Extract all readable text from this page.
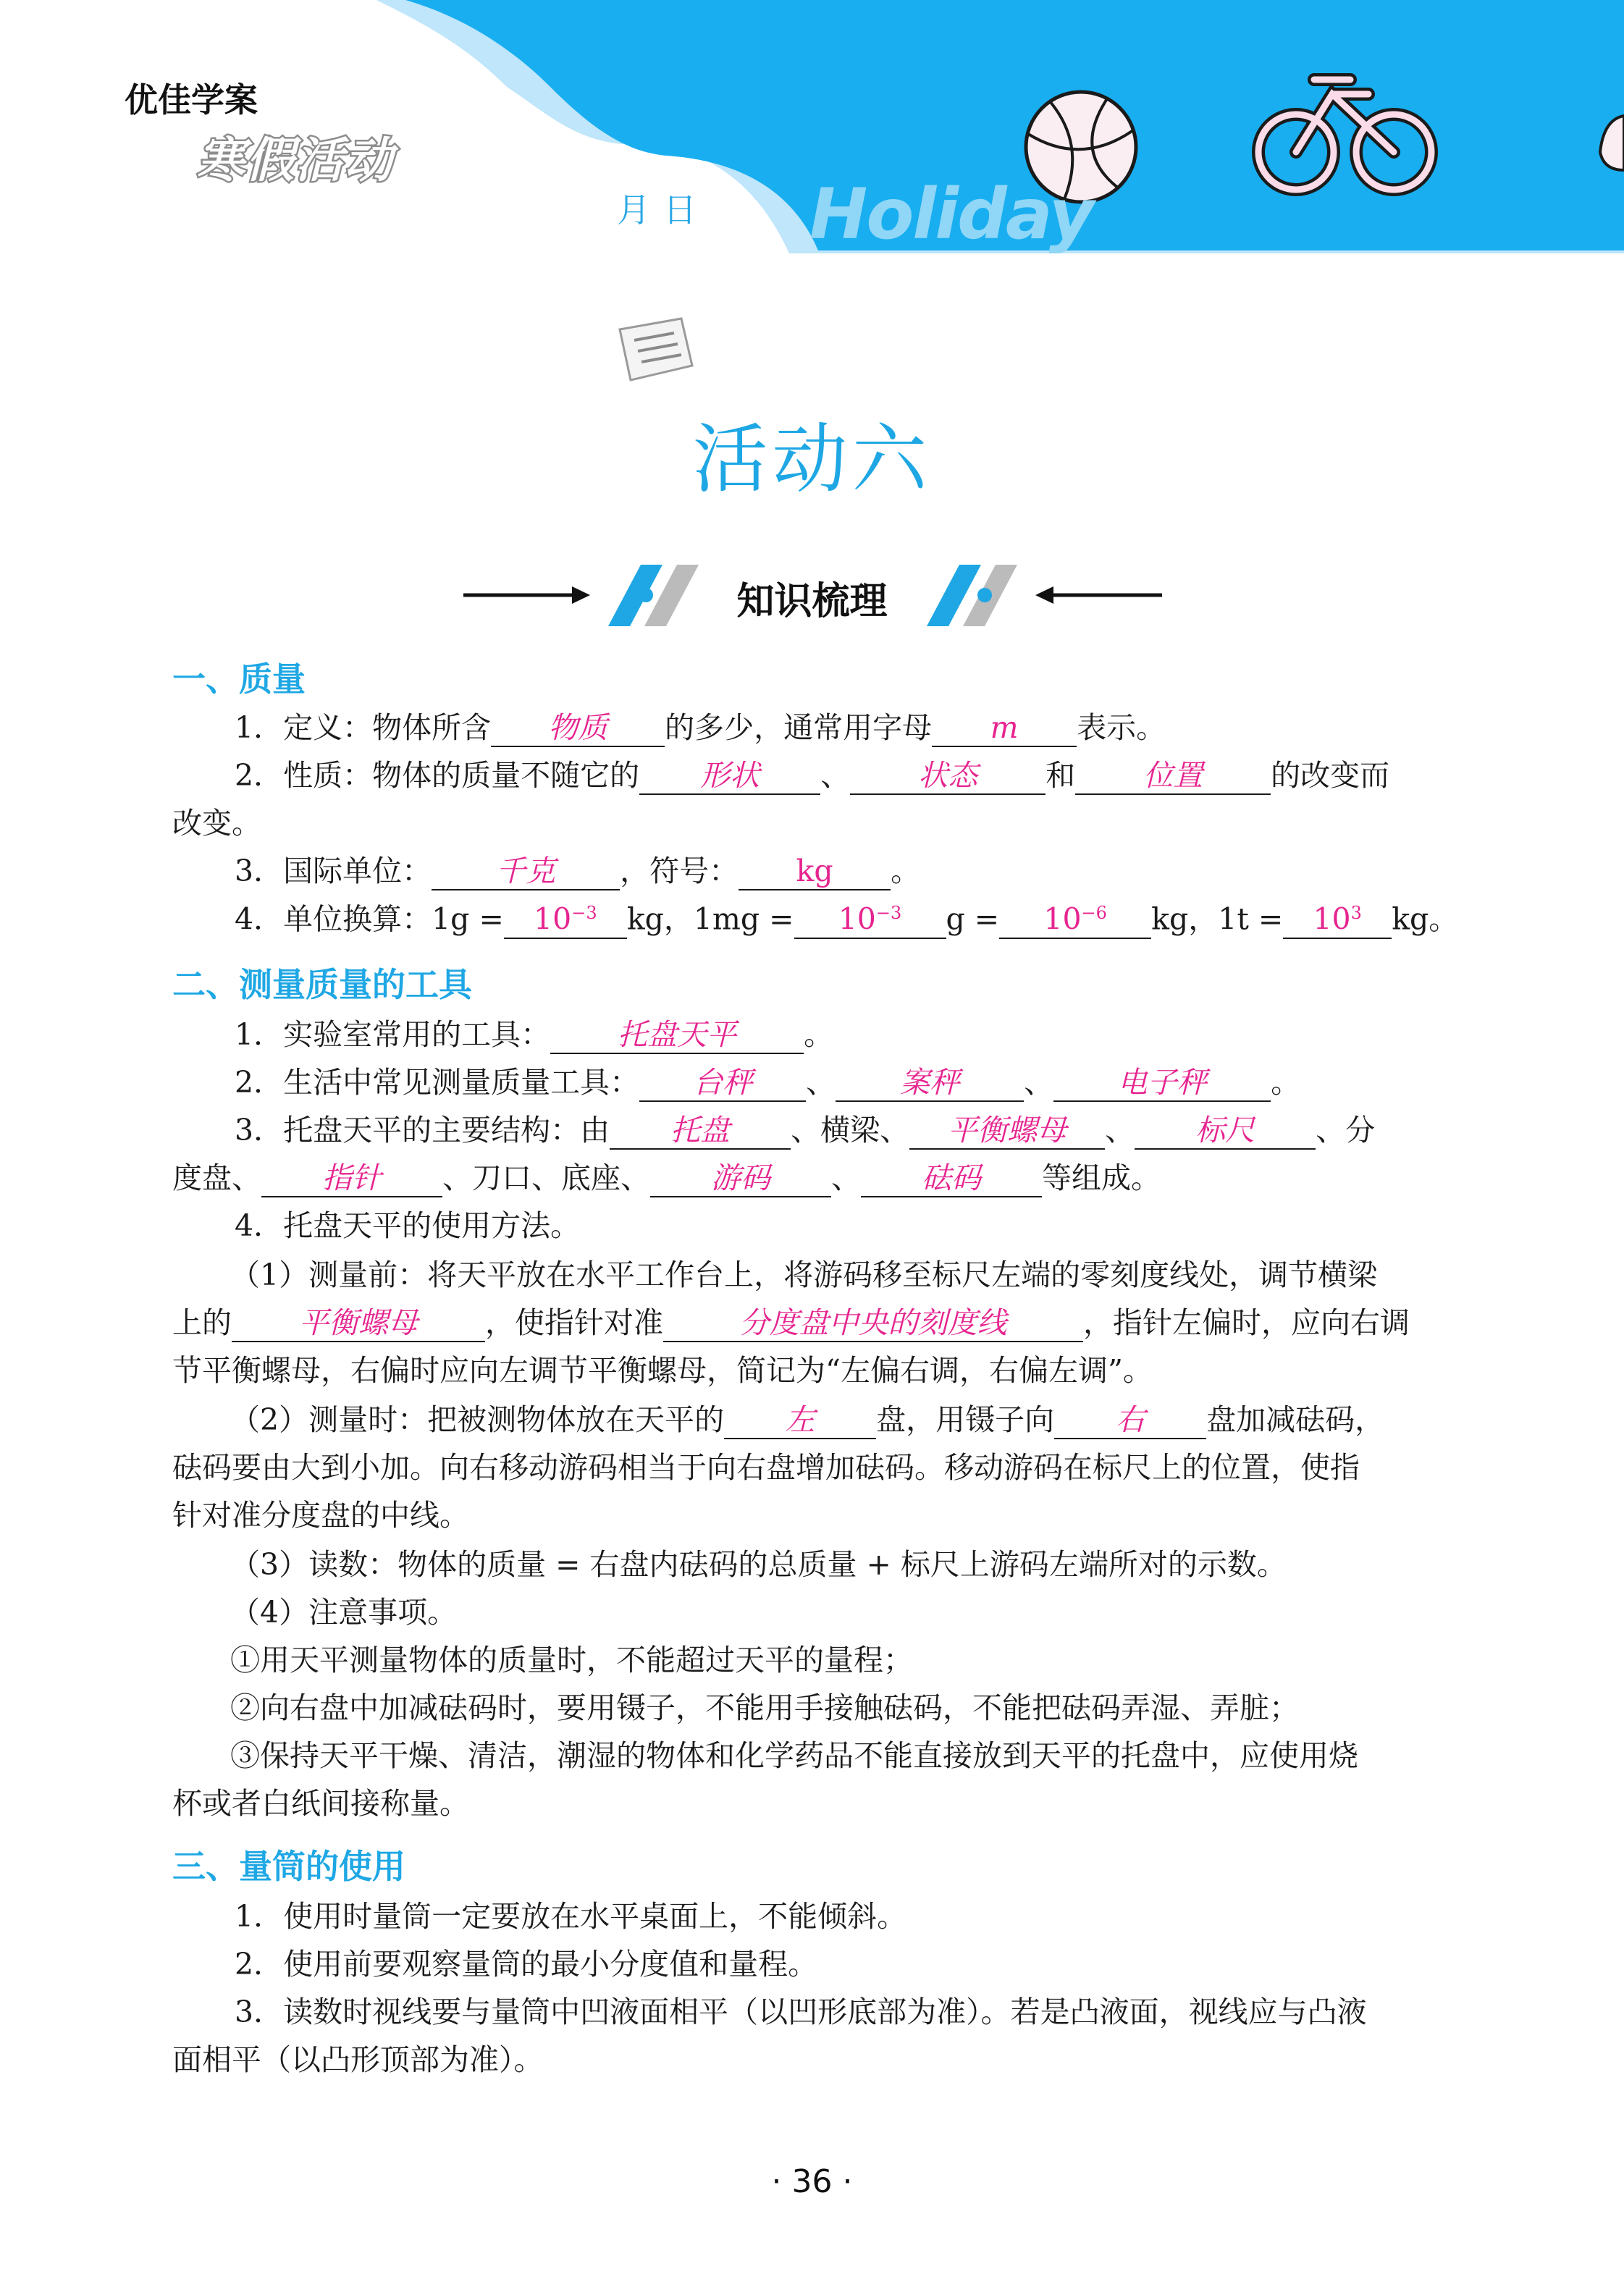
优佳学案
寒假活动
月 日 Holiday
活动六
知识梳理
一、质量
1．定义：物体所含 物质 的多少，通常用字母 m 表示。
2．性质：物体的质量不随它的 形状 、 状态 和 位置 的改变而
改变。
3．国际单位： 千克 ，符号： kg 。
4．单位换算：$1g = 10^{-3}$ kg，$1mg = 10^{-3}$ $g = 10^{-6}$ kg，$1t = 10^3$ kg。
二、测量质量的工具
1．实验室常用的工具： 托盘天平 。
2．生活中常见测量质量工具： 台秤 、 案秤 、 电子秤 。
3．托盘天平的主要结构：由 托盘 、横梁、 平衡螺母 、 标尺 、分
度盘、 指针 、刀口、底座、 游码 、 砝码 等组成。
4．托盘天平的使用方法。
（1）测量前：将天平放在水平工作台上，将游码移至标尺左端的零刻度线处，调节横梁
上的 平衡螺母 ，使指针对准	分度盘中央的刻度线	，指针左偏时，应向右调
节平衡螺母，右偏时应向左调节平衡螺母，简记为“左偏右调，右偏左调”。
（2）测量时：把被测物体放在天平的 左 盘，用镊子向 右 盘加减砝码，
砝码要由大到小加。向右移动游码相当于向右盘增加砝码。移动游码在标尺上的位置，使指
针对准分度盘的中线。
（3）读数：物体的质量 = 右盘内砝码的总质量 + 标尺上游码左端所对的示数。
（4）注意事项。
①用天平测量物体的质量时，不能超过天平的量程；
②向右盘中加减砝码时，要用镊子，不能用手接触砝码，不能把砝码弄湿、弄脏；
③保持天平干燥、清洁，潮湿的物体和化学药品不能直接放到天平的托盘中，应使用烧
杯或者白纸间接称量。
三、量筒的使用
1．使用时量筒一定要放在水平桌面上，不能倾斜。
2．使用前要观察量筒的最小分度值和量程。
3．读数时视线要与量筒中凹液面相平（以凹形底部为准）。若是凸液面，视线应与凸液
面相平（以凸形顶部为准）。
· 36 ·
